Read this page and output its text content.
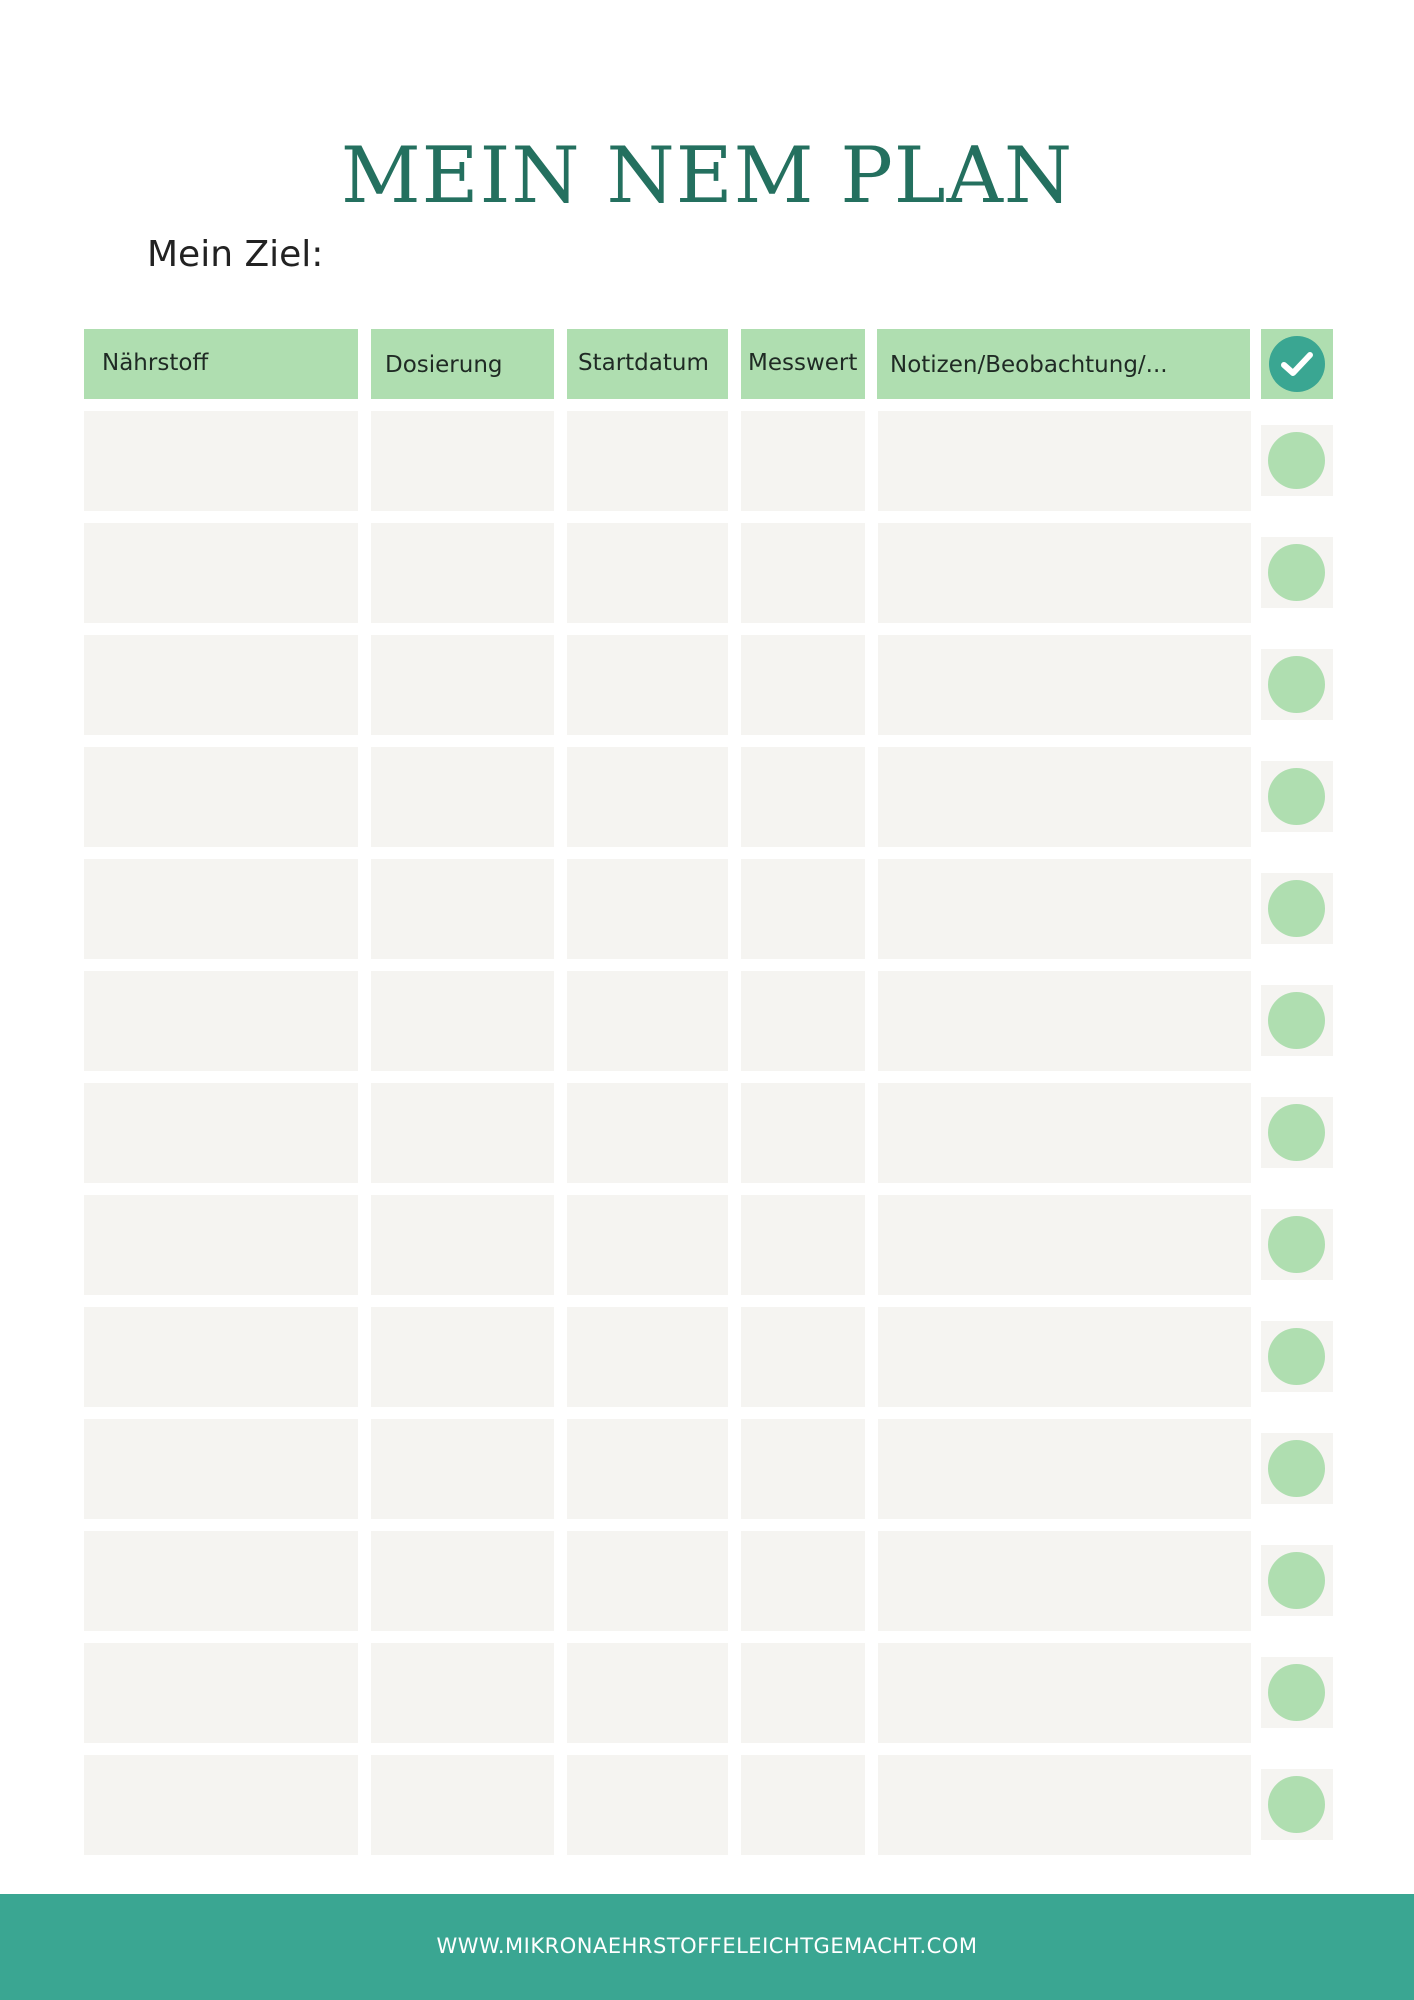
MEIN NEM PLAN
Mein Ziel:
Nährstoff	Dosierung	Startdatum	Messwert	Notizen/Beobachtung/...
WWW.MIKRONAEHRSTOFFELEICHTGEMACHT.COM
